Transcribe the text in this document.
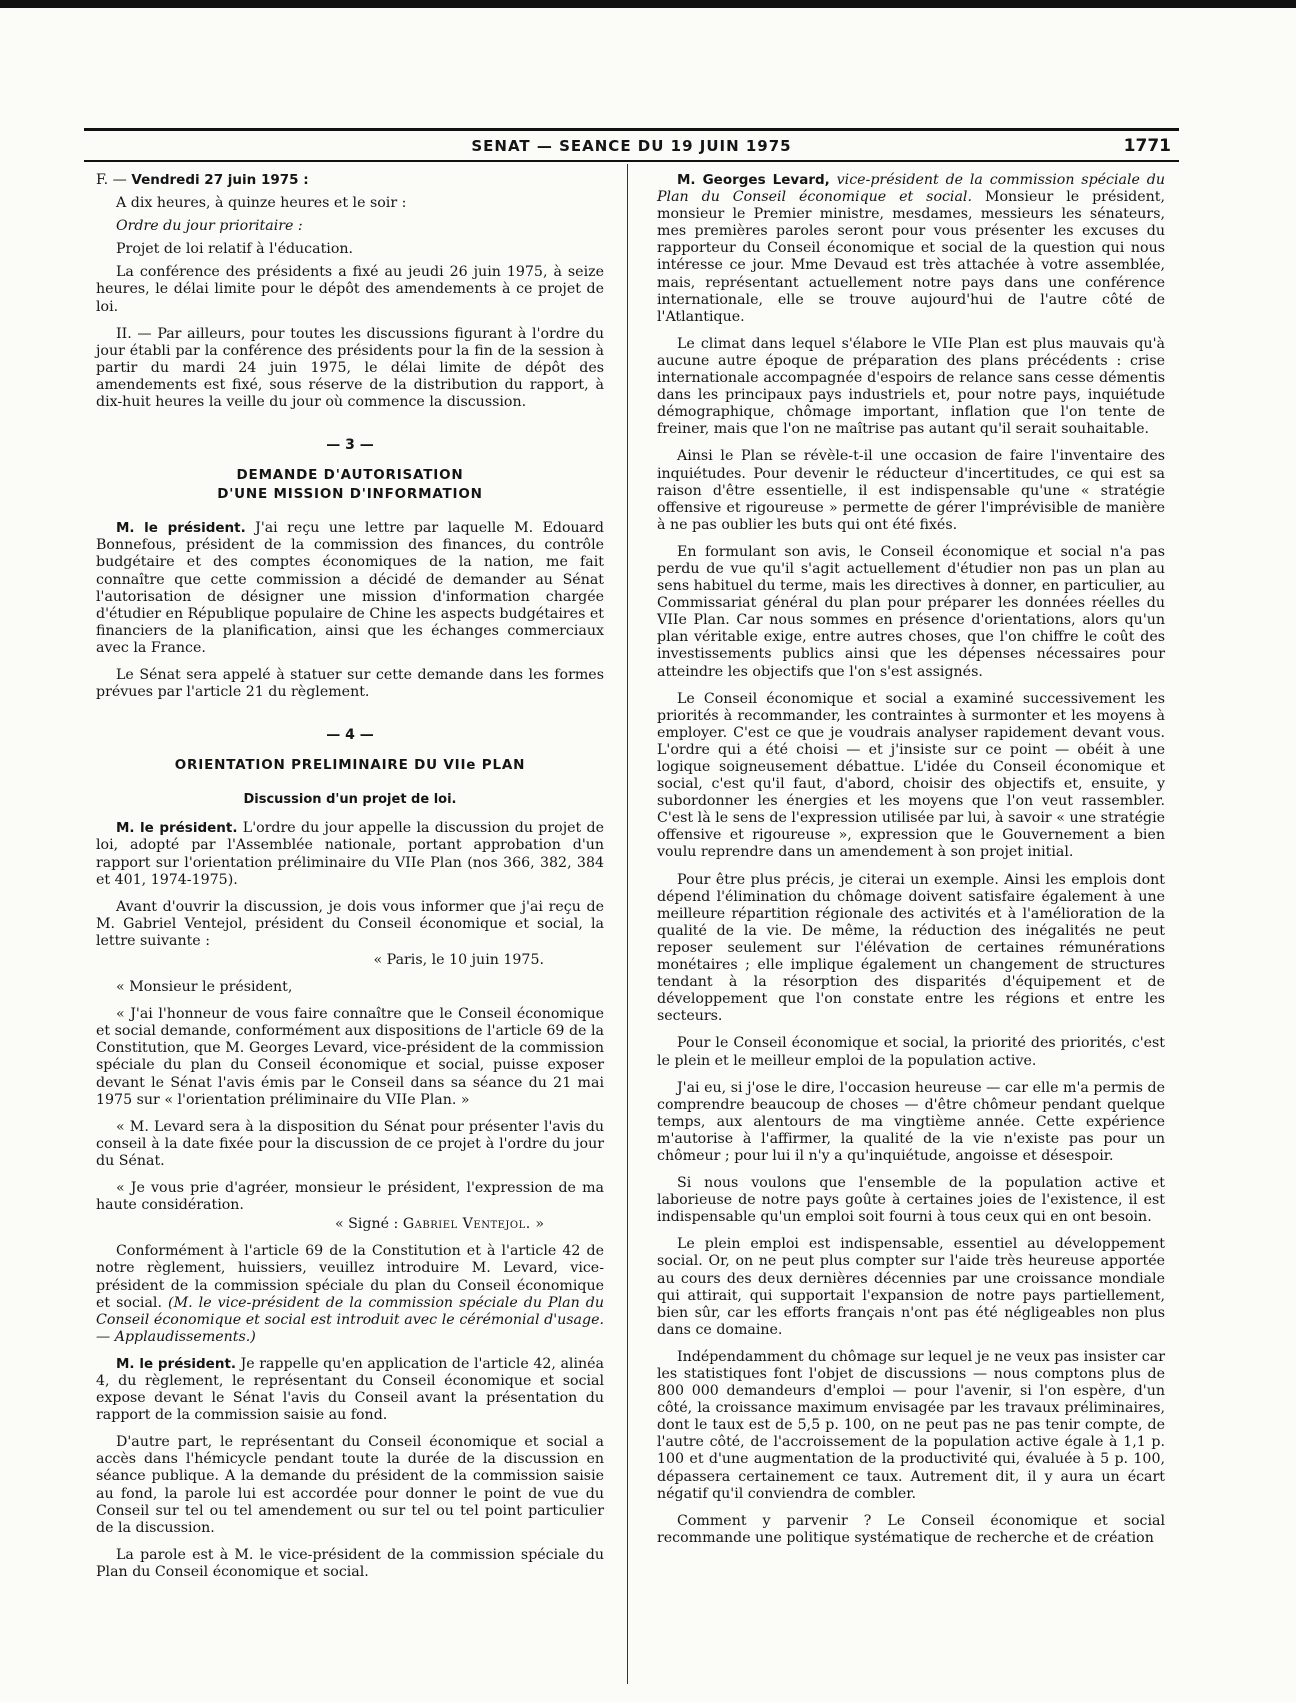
SENAT — SEANCE DU 19 JUIN 1975	1771

F. — Vendredi 27 juin 1975 :

A dix heures, à quinze heures et le soir :

Ordre du jour prioritaire :

Projet de loi relatif à l'éducation.

La conférence des présidents a fixé au jeudi 26 juin 1975, à seize heures, le délai limite pour le dépôt des amendements à ce projet de loi.

II. — Par ailleurs, pour toutes les discussions figurant à l'ordre du jour établi par la conférence des présidents pour la fin de la session à partir du mardi 24 juin 1975, le délai limite de dépôt des amendements est fixé, sous réserve de la distribution du rapport, à dix-huit heures la veille du jour où commence la discussion.

— 3 —
DEMANDE D'AUTORISATION
D'UNE MISSION D'INFORMATION

M. le président. J'ai reçu une lettre par laquelle M. Edouard Bonnefous, président de la commission des finances, du contrôle budgétaire et des comptes économiques de la nation, me fait connaître que cette commission a décidé de demander au Sénat l'autorisation de désigner une mission d'information chargée d'étudier en République populaire de Chine les aspects budgétaires et financiers de la planification, ainsi que les échanges commerciaux avec la France.

Le Sénat sera appelé à statuer sur cette demande dans les formes prévues par l'article 21 du règlement.

— 4 —
ORIENTATION PRELIMINAIRE DU VIIe PLAN
Discussion d'un projet de loi.

M. le président. L'ordre du jour appelle la discussion du projet de loi, adopté par l'Assemblée nationale, portant approbation d'un rapport sur l'orientation préliminaire du VIIe Plan (nos 366, 382, 384 et 401, 1974-1975).

Avant d'ouvrir la discussion, je dois vous informer que j'ai reçu de M. Gabriel Ventejol, président du Conseil économique et social, la lettre suivante :

« Paris, le 10 juin 1975.

« Monsieur le président,

« J'ai l'honneur de vous faire connaître que le Conseil économique et social demande, conformément aux dispositions de l'article 69 de la Constitution, que M. Georges Levard, vice-président de la commission spéciale du plan du Conseil économique et social, puisse exposer devant le Sénat l'avis émis par le Conseil dans sa séance du 21 mai 1975 sur « l'orientation préliminaire du VIIe Plan. »

« M. Levard sera à la disposition du Sénat pour présenter l'avis du conseil à la date fixée pour la discussion de ce projet à l'ordre du jour du Sénat.

« Je vous prie d'agréer, monsieur le président, l'expression de ma haute considération.

« Signé : Gabriel Ventejol. »

Conformément à l'article 69 de la Constitution et à l'article 42 de notre règlement, huissiers, veuillez introduire M. Levard, vice-président de la commission spéciale du plan du Conseil économique et social. (M. le vice-président de la commission spéciale du Plan du Conseil économique et social est introduit avec le cérémonial d'usage. — Applaudissements.)

M. le président. Je rappelle qu'en application de l'article 42, alinéa 4, du règlement, le représentant du Conseil économique et social expose devant le Sénat l'avis du Conseil avant la présentation du rapport de la commission saisie au fond.

D'autre part, le représentant du Conseil économique et social a accès dans l'hémicycle pendant toute la durée de la discussion en séance publique. A la demande du président de la commission saisie au fond, la parole lui est accordée pour donner le point de vue du Conseil sur tel ou tel amendement ou sur tel ou tel point particulier de la discussion.

La parole est à M. le vice-président de la commission spéciale du Plan du Conseil économique et social.

M. Georges Levard, vice-président de la commission spéciale du Plan du Conseil économique et social. Monsieur le président, monsieur le Premier ministre, mesdames, messieurs les sénateurs, mes premières paroles seront pour vous présenter les excuses du rapporteur du Conseil économique et social de la question qui nous intéresse ce jour. Mme Devaud est très attachée à votre assemblée, mais, représentant actuellement notre pays dans une conférence internationale, elle se trouve aujourd'hui de l'autre côté de l'Atlantique.

Le climat dans lequel s'élabore le VIIe Plan est plus mauvais qu'à aucune autre époque de préparation des plans précédents : crise internationale accompagnée d'espoirs de relance sans cesse démentis dans les principaux pays industriels et, pour notre pays, inquiétude démographique, chômage important, inflation que l'on tente de freiner, mais que l'on ne maîtrise pas autant qu'il serait souhaitable.

Ainsi le Plan se révèle-t-il une occasion de faire l'inventaire des inquiétudes. Pour devenir le réducteur d'incertitudes, ce qui est sa raison d'être essentielle, il est indispensable qu'une « stratégie offensive et rigoureuse » permette de gérer l'imprévisible de manière à ne pas oublier les buts qui ont été fixés.

En formulant son avis, le Conseil économique et social n'a pas perdu de vue qu'il s'agit actuellement d'étudier non pas un plan au sens habituel du terme, mais les directives à donner, en particulier, au Commissariat général du plan pour préparer les données réelles du VIIe Plan. Car nous sommes en présence d'orientations, alors qu'un plan véritable exige, entre autres choses, que l'on chiffre le coût des investissements publics ainsi que les dépenses nécessaires pour atteindre les objectifs que l'on s'est assignés.

Le Conseil économique et social a examiné successivement les priorités à recommander, les contraintes à surmonter et les moyens à employer. C'est ce que je voudrais analyser rapidement devant vous. L'ordre qui a été choisi — et j'insiste sur ce point — obéit à une logique soigneusement débattue. L'idée du Conseil économique et social, c'est qu'il faut, d'abord, choisir des objectifs et, ensuite, y subordonner les énergies et les moyens que l'on veut rassembler. C'est là le sens de l'expression utilisée par lui, à savoir « une stratégie offensive et rigoureuse », expression que le Gouvernement a bien voulu reprendre dans un amendement à son projet initial.

Pour être plus précis, je citerai un exemple. Ainsi les emplois dont dépend l'élimination du chômage doivent satisfaire également à une meilleure répartition régionale des activités et à l'amélioration de la qualité de la vie. De même, la réduction des inégalités ne peut reposer seulement sur l'élévation de certaines rémunérations monétaires ; elle implique également un changement de structures tendant à la résorption des disparités d'équipement et de développement que l'on constate entre les régions et entre les secteurs.

Pour le Conseil économique et social, la priorité des priorités, c'est le plein et le meilleur emploi de la population active.

J'ai eu, si j'ose le dire, l'occasion heureuse — car elle m'a permis de comprendre beaucoup de choses — d'être chômeur pendant quelque temps, aux alentours de ma vingtième année. Cette expérience m'autorise à l'affirmer, la qualité de la vie n'existe pas pour un chômeur ; pour lui il n'y a qu'inquiétude, angoisse et désespoir.

Si nous voulons que l'ensemble de la population active et laborieuse de notre pays goûte à certaines joies de l'existence, il est indispensable qu'un emploi soit fourni à tous ceux qui en ont besoin.

Le plein emploi est indispensable, essentiel au développement social. Or, on ne peut plus compter sur l'aide très heureuse apportée au cours des deux dernières décennies par une croissance mondiale qui attirait, qui supportait l'expansion de notre pays partiellement, bien sûr, car les efforts français n'ont pas été négligeables non plus dans ce domaine.

Indépendamment du chômage sur lequel je ne veux pas insister car les statistiques font l'objet de discussions — nous comptons plus de 800 000 demandeurs d'emploi — pour l'avenir, si l'on espère, d'un côté, la croissance maximum envisagée par les travaux préliminaires, dont le taux est de 5,5 p. 100, on ne peut pas ne pas tenir compte, de l'autre côté, de l'accroissement de la population active égale à 1,1 p. 100 et d'une augmentation de la productivité qui, évaluée à 5 p. 100, dépassera certainement ce taux. Autrement dit, il y aura un écart négatif qu'il conviendra de combler.

Comment y parvenir ? Le Conseil économique et social recommande une politique systématique de recherche et de création
